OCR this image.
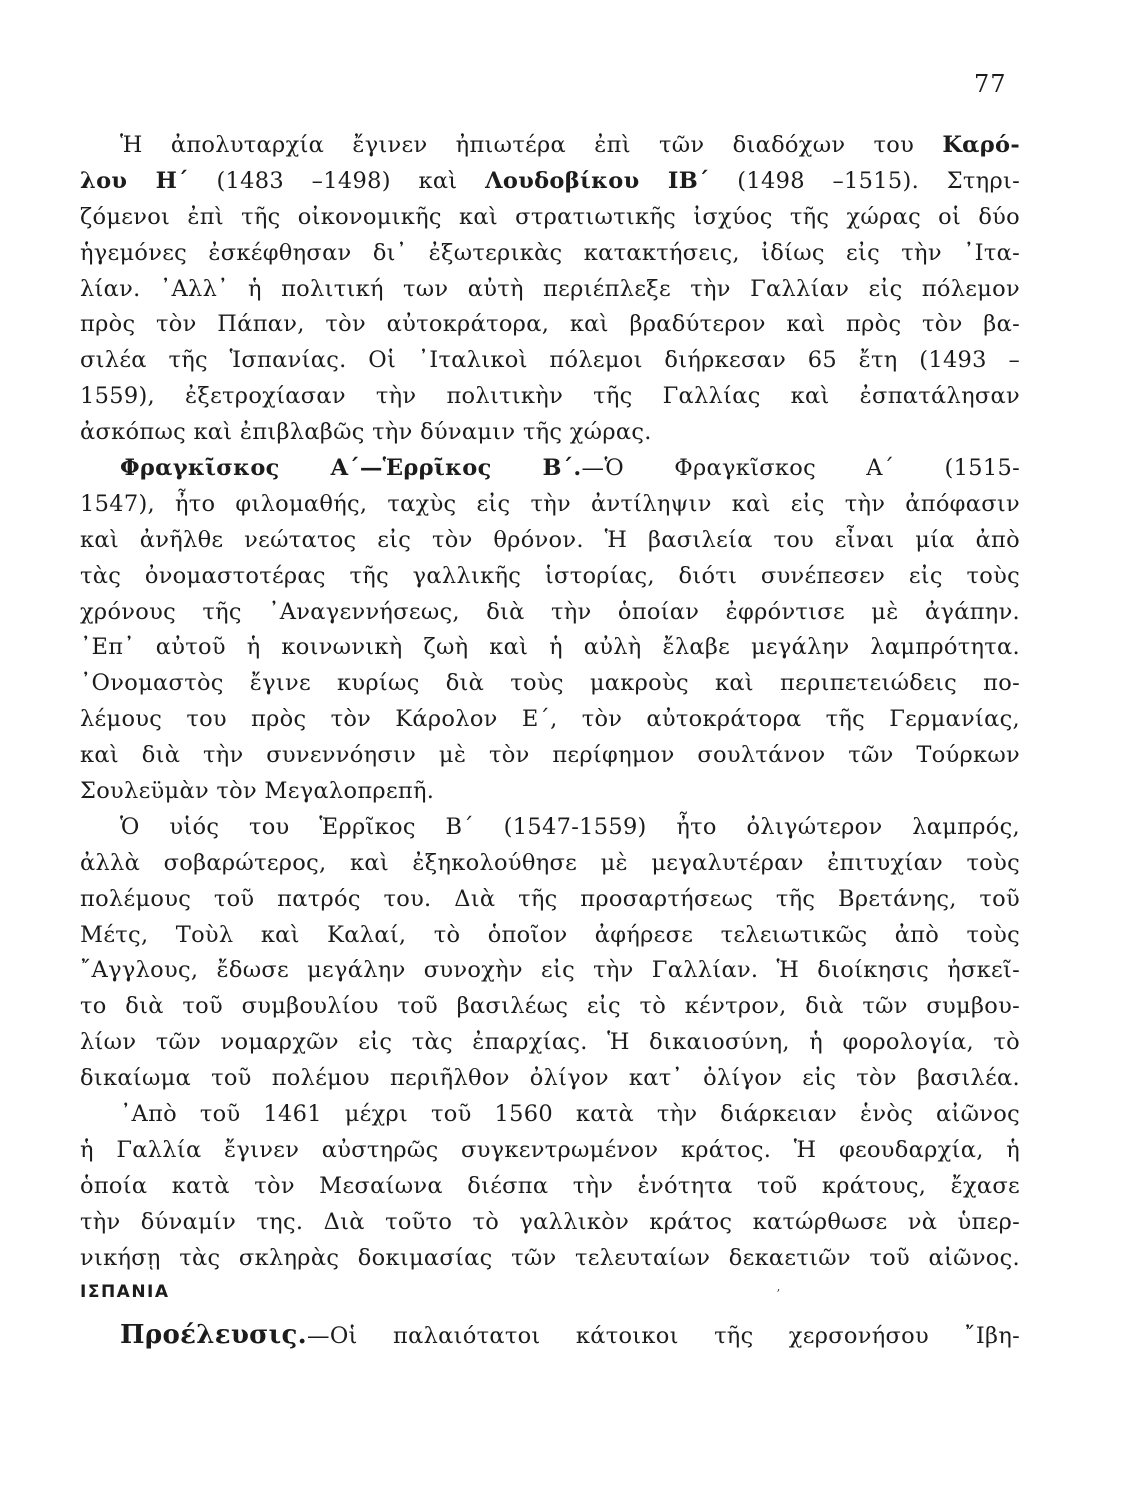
77
Ἡ ἀπολυταρχία ἔγινεν ἠπιωτέρα ἐπὶ τῶν διαδόχων του Καρό-
λου Η΄ (1483 –1498) καὶ Λουδοβίκου ΙΒ΄ (1498 –1515). Στηρι-
ζόμενοι ἐπὶ τῆς οἰκονομικῆς καὶ στρατιωτικῆς ἰσχύος τῆς χώρας οἱ δύο
ἡγεμόνες ἐσκέφθησαν δι᾿ ἐξωτερικὰς κατακτήσεις, ἰδίως εἰς τὴν ᾿Ιτα-
λίαν. ᾿Αλλ᾿ ἡ πολιτική των αὐτὴ περιέπλεξε τὴν Γαλλίαν εἰς πόλεμον
πρὸς τὸν Πάπαν, τὸν αὐτοκράτορα, καὶ βραδύτερον καὶ πρὸς τὸν βα-
σιλέα τῆς Ἱσπανίας. Οἱ ᾿Ιταλικοὶ πόλεμοι διήρκεσαν 65 ἔτη (1493 –
1559), ἐξετροχίασαν τὴν πολιτικὴν τῆς Γαλλίας καὶ ἐσπατάλησαν
ἀσκόπως καὶ ἐπιβλαβῶς τὴν δύναμιν τῆς χώρας.
Φραγκῖσκος Α΄—Ἑρρῖκος Β΄.—Ὁ Φραγκῖσκος Α΄ (1515-
1547), ἦτο φιλομαθής, ταχὺς εἰς τὴν ἀντίληψιν καὶ εἰς τὴν ἀπόφασιν
καὶ ἀνῆλθε νεώτατος εἰς τὸν θρόνον. Ἡ βασιλεία του εἶναι μία ἀπὸ
τὰς ὀνομαστοτέρας τῆς γαλλικῆς ἱστορίας, διότι συνέπεσεν εἰς τοὺς
χρόνους τῆς ᾿Αναγεννήσεως, διὰ τὴν ὁποίαν ἐφρόντισε μὲ ἀγάπην.
᾿Επ᾿ αὐτοῦ ἡ κοινωνικὴ ζωὴ καὶ ἡ αὐλὴ ἔλαβε μεγάλην λαμπρότητα.
᾿Ονομαστὸς ἔγινε κυρίως διὰ τοὺς μακροὺς καὶ περιπετειώδεις πο-
λέμους του πρὸς τὸν Κάρολον Ε΄, τὸν αὐτοκράτορα τῆς Γερμανίας,
καὶ διὰ τὴν συνεννόησιν μὲ τὸν περίφημον σουλτάνον τῶν Τούρκων
Σουλεϋμὰν τὸν Μεγαλοπρεπῆ.
Ὁ υἱός του Ἑρρῖκος Β΄ (1547-1559) ἦτο ὀλιγώτερον λαμπρός,
ἀλλὰ σοβαρώτερος, καὶ ἐξηκολούθησε μὲ μεγαλυτέραν ἐπιτυχίαν τοὺς
πολέμους τοῦ πατρός του. Διὰ τῆς προσαρτήσεως τῆς Βρετάνης, τοῦ
Μέτς, Τοὺλ καὶ Καλαί, τὸ ὁποῖον ἀφήρεσε τελειωτικῶς ἀπὸ τοὺς
῎Αγγλους, ἔδωσε μεγάλην συνοχὴν εἰς τὴν Γαλλίαν. Ἡ διοίκησις ἠσκεῖ-
το διὰ τοῦ συμβουλίου τοῦ βασιλέως εἰς τὸ κέντρον, διὰ τῶν συμβου-
λίων τῶν νομαρχῶν εἰς τὰς ἐπαρχίας. Ἡ δικαιοσύνη, ἡ φορολογία, τὸ
δικαίωμα τοῦ πολέμου περιῆλθον ὀλίγον κατ᾿ ὀλίγον εἰς τὸν βασιλέα.
᾿Απὸ τοῦ 1461 μέχρι τοῦ 1560 κατὰ τὴν διάρκειαν ἑνὸς αἰῶνος
ἡ Γαλλία ἔγινεν αὐστηρῶς συγκεντρωμένον κράτος. Ἡ φεουδαρχία, ἡ
ὁποία κατὰ τὸν Μεσαίωνα διέσπα τὴν ἑνότητα τοῦ κράτους, ἔχασε
τὴν δύναμίν της. Διὰ τοῦτο τὸ γαλλικὸν κράτος κατώρθωσε νὰ ὑπερ-
νικήσῃ τὰς σκληρὰς δοκιμασίας τῶν τελευταίων δεκαετιῶν τοῦ αἰῶνος.
ΙΣΠΑΝΙΑ	ʼ
Προέλευσις.—Οἱ παλαιότατοι κάτοικοι τῆς χερσονήσου ῎Ιβη-
